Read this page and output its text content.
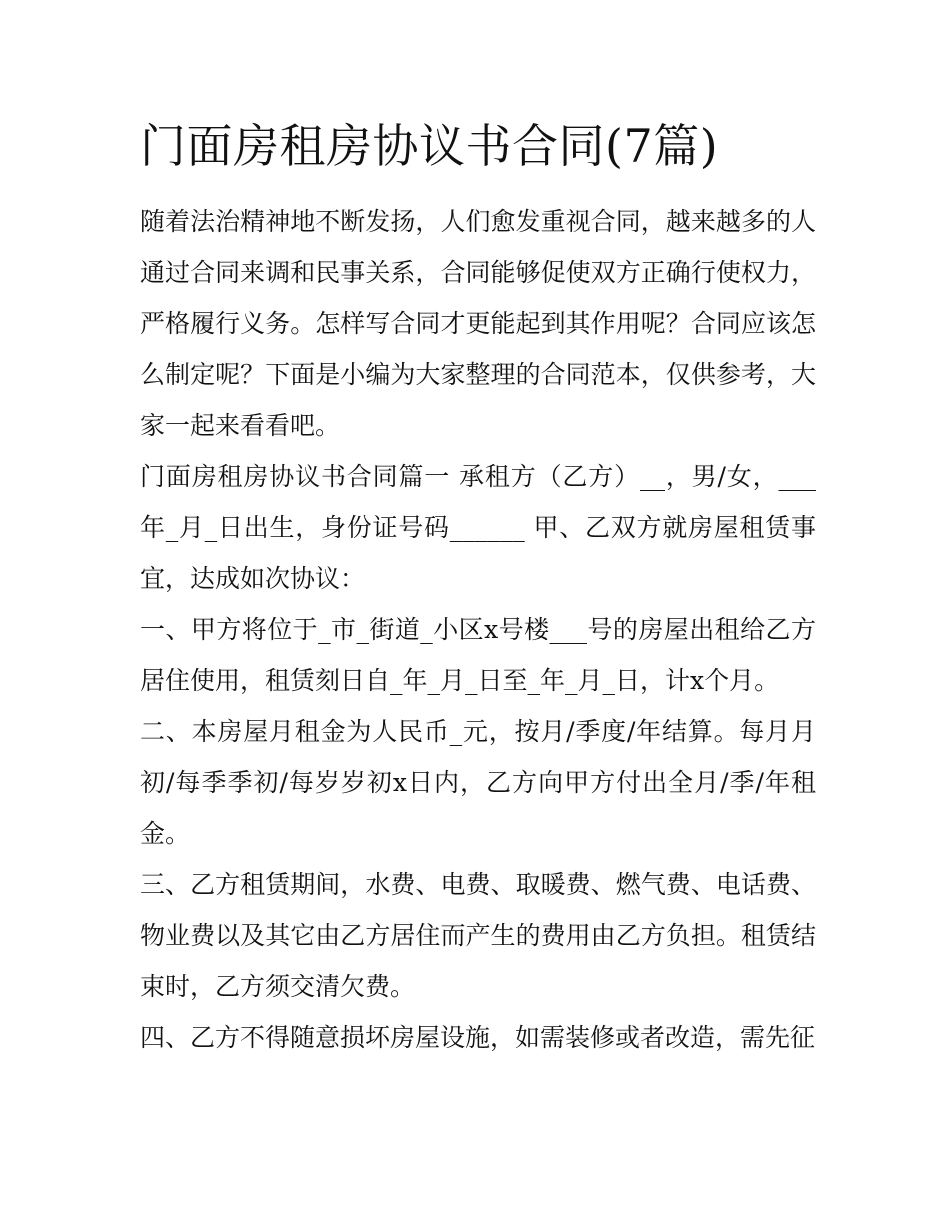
门面房租房协议书合同(7篇)

随着法治精神地不断发扬，人们愈发重视合同，越来越多的人通过合同来调和民事关系，合同能够促使双方正确行使权力，严格履行义务。怎样写合同才更能起到其作用呢？合同应该怎么制定呢？下面是小编为大家整理的合同范本，仅供参考，大家一起来看看吧。

门面房租房协议书合同篇一 承租方（乙方）__，男/女，___年_月_日出生，身份证号码______ 甲、乙双方就房屋租赁事宜，达成如次协议：

一、甲方将位于_市_街道_小区x号楼___号的房屋出租给乙方居住使用，租赁刻日自_年_月_日至_年_月_日，计x个月。

二、本房屋月租金为人民币_元，按月/季度/年结算。每月月初/每季季初/每岁岁初x日内，乙方向甲方付出全月/季/年租金。

三、乙方租赁期间，水费、电费、取暖费、燃气费、电话费、物业费以及其它由乙方居住而产生的费用由乙方负担。租赁结束时，乙方须交清欠费。

四、乙方不得随意损坏房屋设施，如需装修或者改造，需先征
